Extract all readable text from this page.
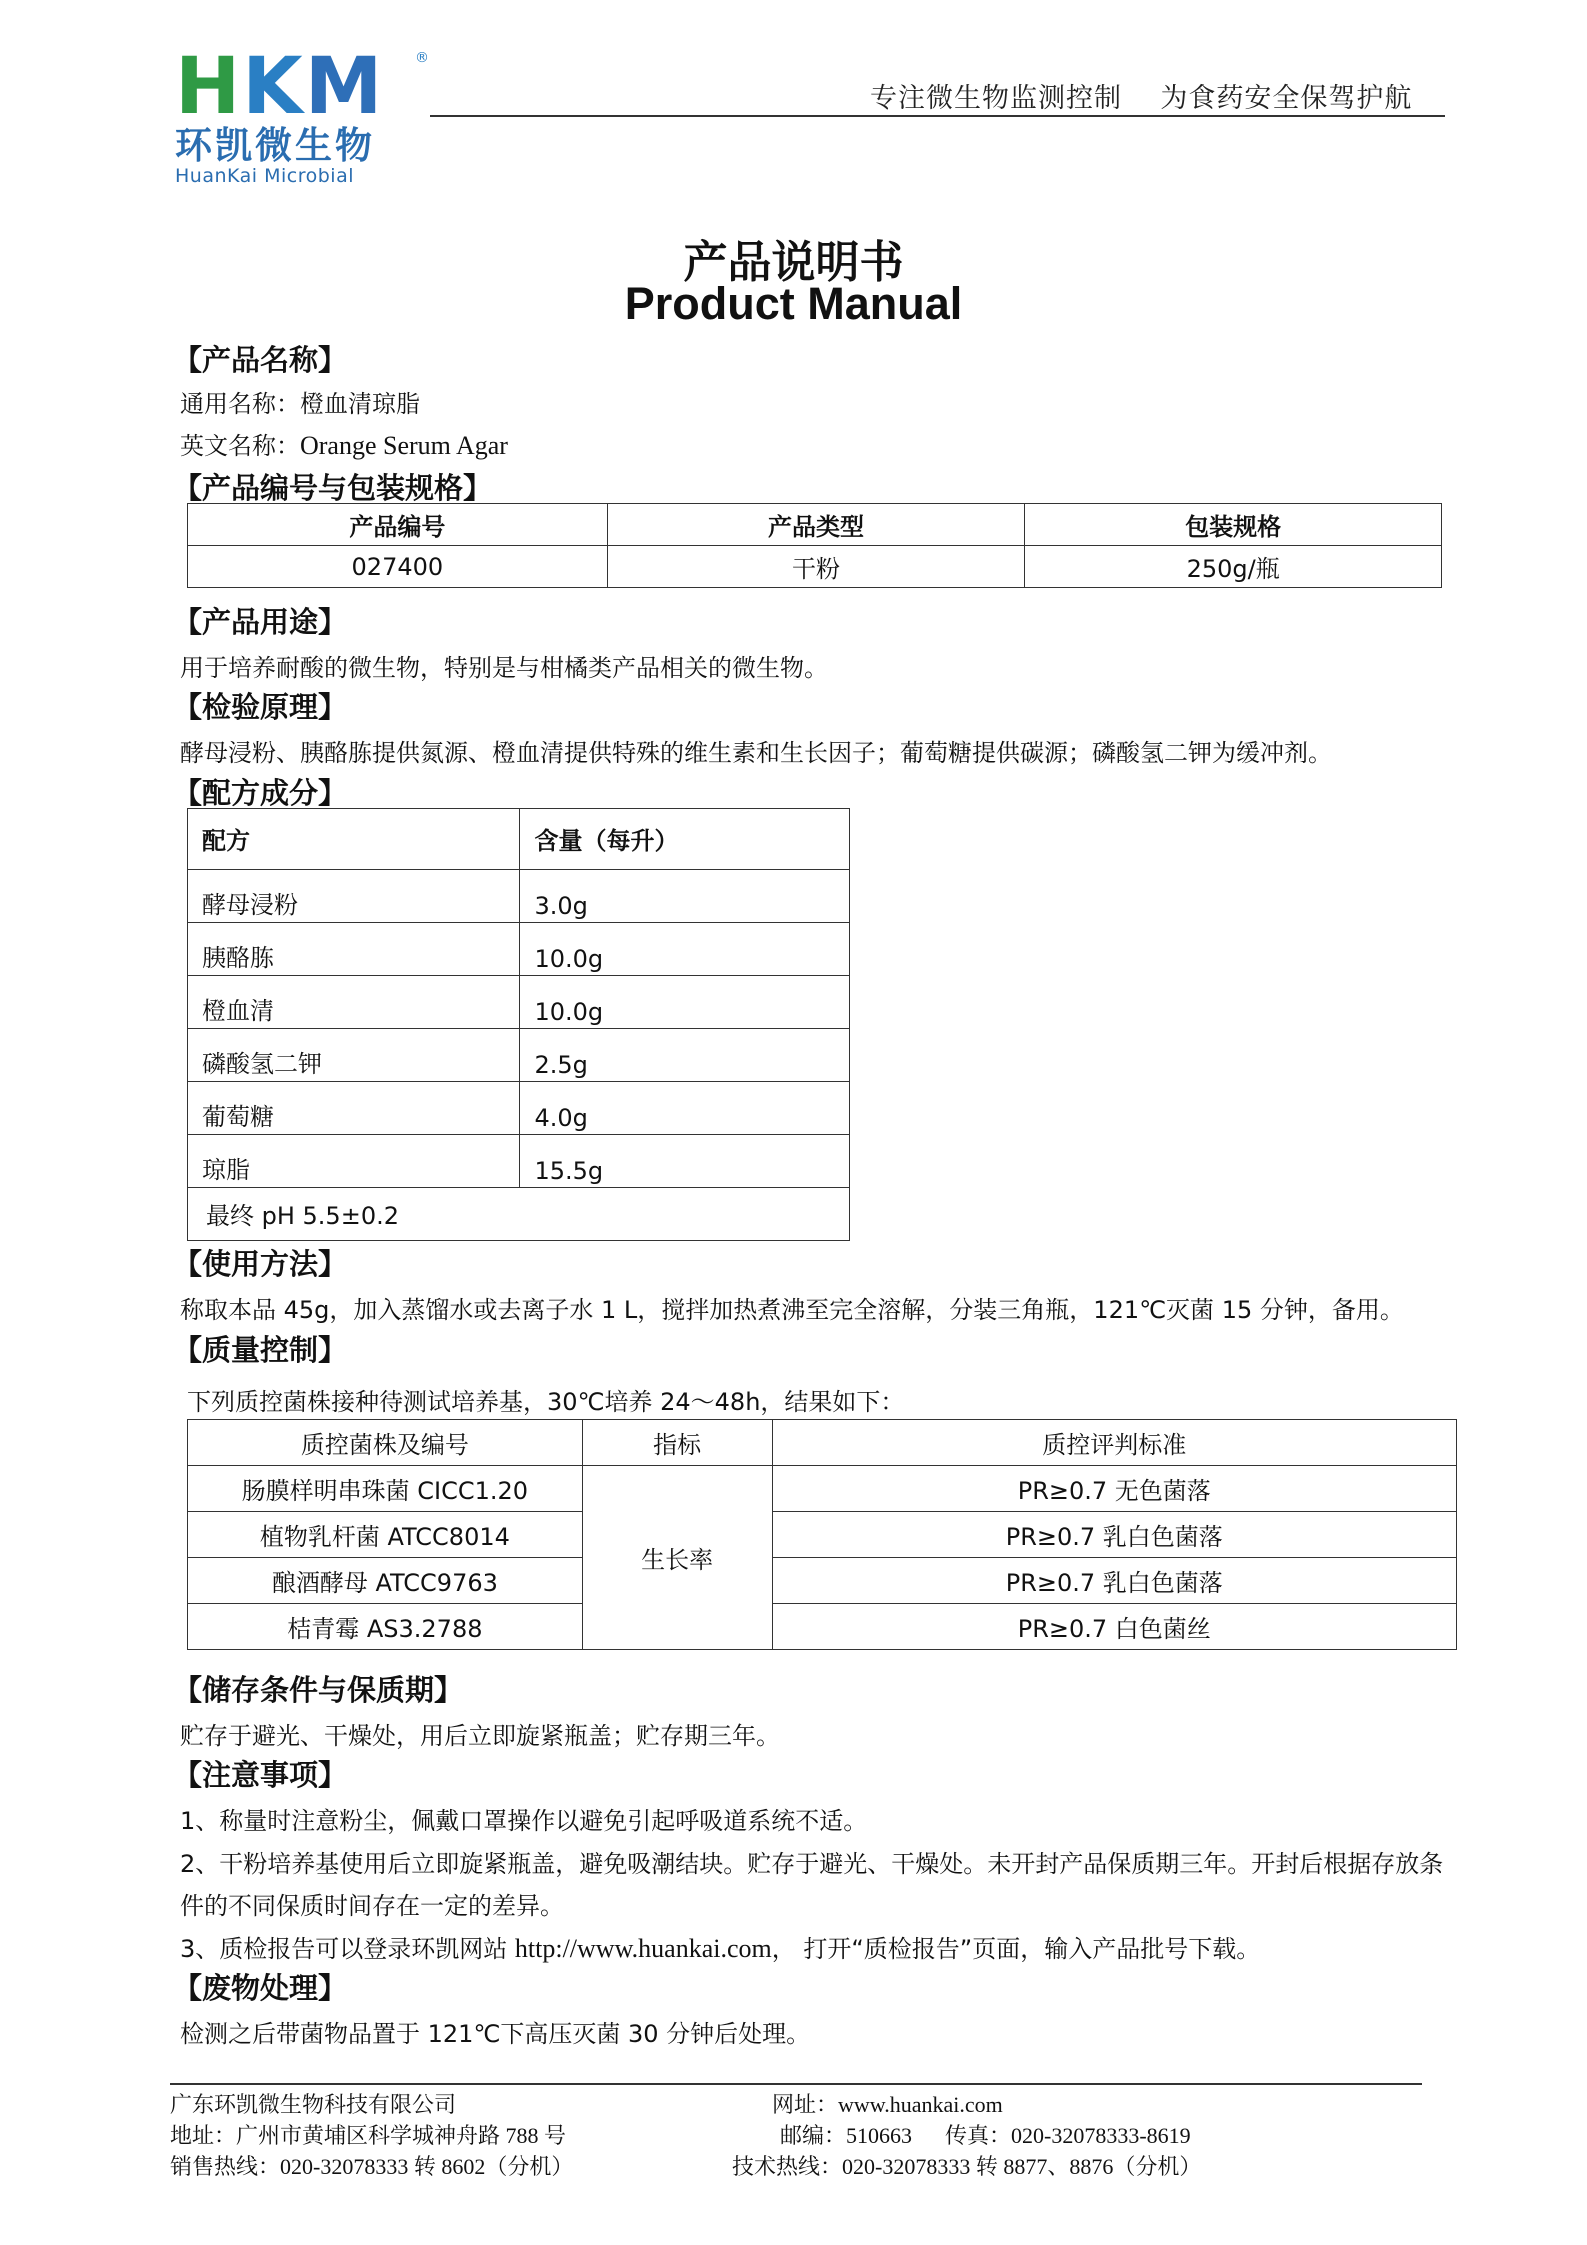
HKM	®
环凯微生物
HuanKai Microbial
专注微生物监测控制    为食药安全保驾护航
产品说明书
Product Manual
【产品名称】
通用名称：橙血清琼脂
英文名称：Orange Serum Agar
【产品编号与包装规格】
产品编号	产品类型	包装规格
027400	干粉	250g/瓶
【产品用途】
用于培养耐酸的微生物，特别是与柑橘类产品相关的微生物。
【检验原理】
酵母浸粉、胰酪胨提供氮源、橙血清提供特殊的维生素和生长因子；葡萄糖提供碳源；磷酸氢二钾为缓冲剂。
【配方成分】
配方	含量（每升）
酵母浸粉	3.0g
胰酪胨	10.0g
橙血清	10.0g
磷酸氢二钾	2.5g
葡萄糖	4.0g
琼脂	15.5g
最终 pH 5.5±0.2	
【使用方法】
称取本品 45g，加入蒸馏水或去离子水 1 L，搅拌加热煮沸至完全溶解，分装三角瓶，121℃灭菌 15 分钟，备用。
【质量控制】
下列质控菌株接种待测试培养基，30℃培养 24～48h，结果如下：
质控菌株及编号	指标	质控评判标准
肠膜样明串珠菌 CICC1.20	生长率	PR≥0.7 无色菌落
植物乳杆菌 ATCC8014		PR≥0.7 乳白色菌落
酿酒酵母 ATCC9763		PR≥0.7 乳白色菌落
桔青霉 AS3.2788		PR≥0.7 白色菌丝
【储存条件与保质期】
贮存于避光、干燥处，用后立即旋紧瓶盖；贮存期三年。
【注意事项】
1、称量时注意粉尘，佩戴口罩操作以避免引起呼吸道系统不适。
2、干粉培养基使用后立即旋紧瓶盖，避免吸潮结块。贮存于避光、干燥处。未开封产品保质期三年。开封后根据存放条
件的不同保质时间存在一定的差异。
3、质检报告可以登录环凯网站 http://www.huankai.com， 打开“质检报告”页面，输入产品批号下载。
【废物处理】
检测之后带菌物品置于 121℃下高压灭菌 30 分钟后处理。
广东环凯微生物科技有限公司
地址：广州市黄埔区科学城神舟路 788 号
销售热线：020-32078333 转 8602（分机）
网址：www.huankai.com
邮编：510663      传真：020-32078333-8619
技术热线：020-32078333 转 8877、8876（分机）
